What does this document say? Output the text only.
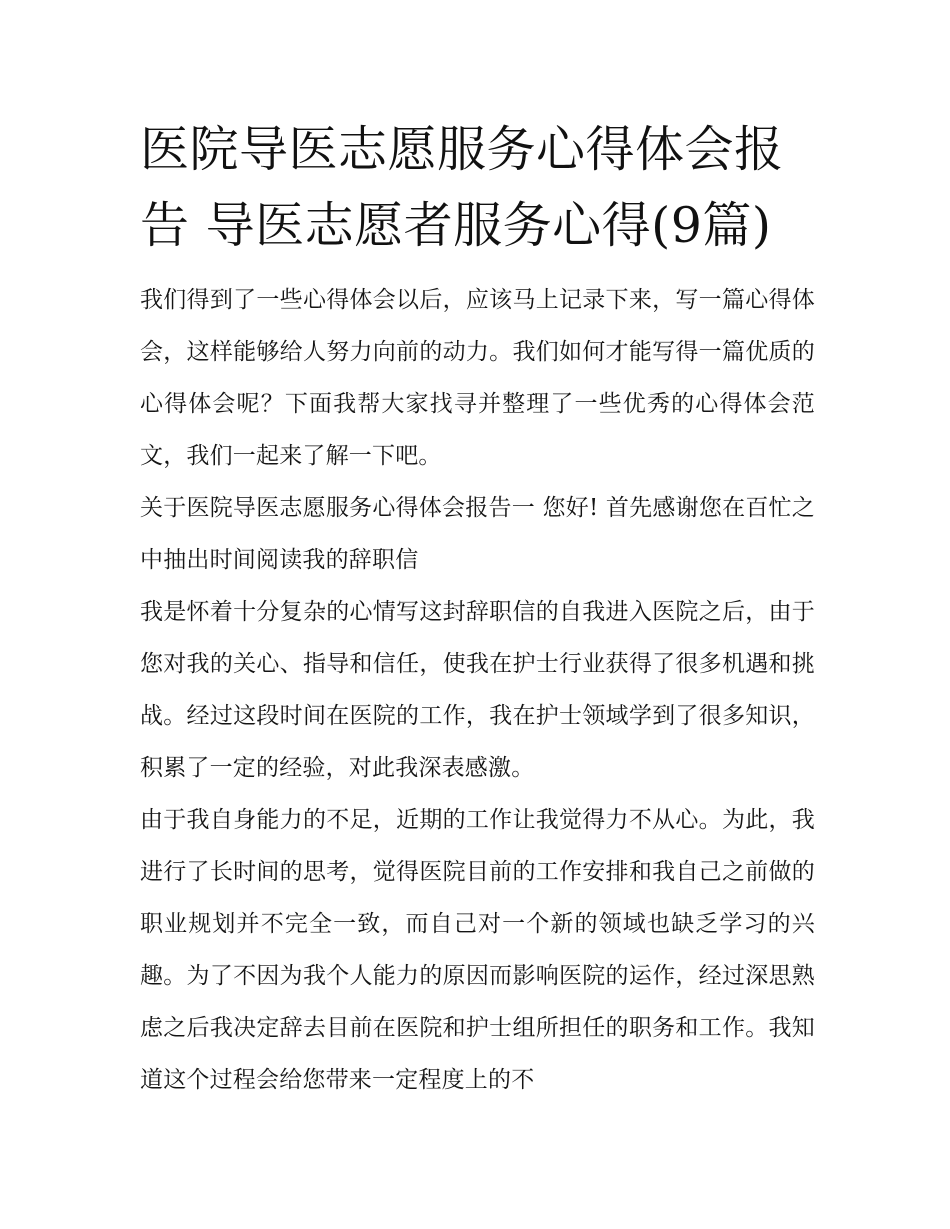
医院导医志愿服务心得体会报告 导医志愿者服务心得(9篇)

我们得到了一些心得体会以后，应该马上记录下来，写一篇心得体会，这样能够给人努力向前的动力。我们如何才能写得一篇优质的心得体会呢？下面我帮大家找寻并整理了一些优秀的心得体会范文，我们一起来了解一下吧。

关于医院导医志愿服务心得体会报告一 您好! 首先感谢您在百忙之中抽出时间阅读我的辞职信

我是怀着十分复杂的心情写这封辞职信的自我进入医院之后，由于您对我的关心、指导和信任，使我在护士行业获得了很多机遇和挑战。经过这段时间在医院的工作，我在护士领域学到了很多知识，积累了一定的经验，对此我深表感激。

由于我自身能力的不足，近期的工作让我觉得力不从心。为此，我进行了长时间的思考，觉得医院目前的工作安排和我自己之前做的职业规划并不完全一致，而自己对一个新的领域也缺乏学习的兴趣。为了不因为我个人能力的原因而影响医院的运作，经过深思熟虑之后我决定辞去目前在医院和护士组所担任的职务和工作。我知道这个过程会给您带来一定程度上的不
